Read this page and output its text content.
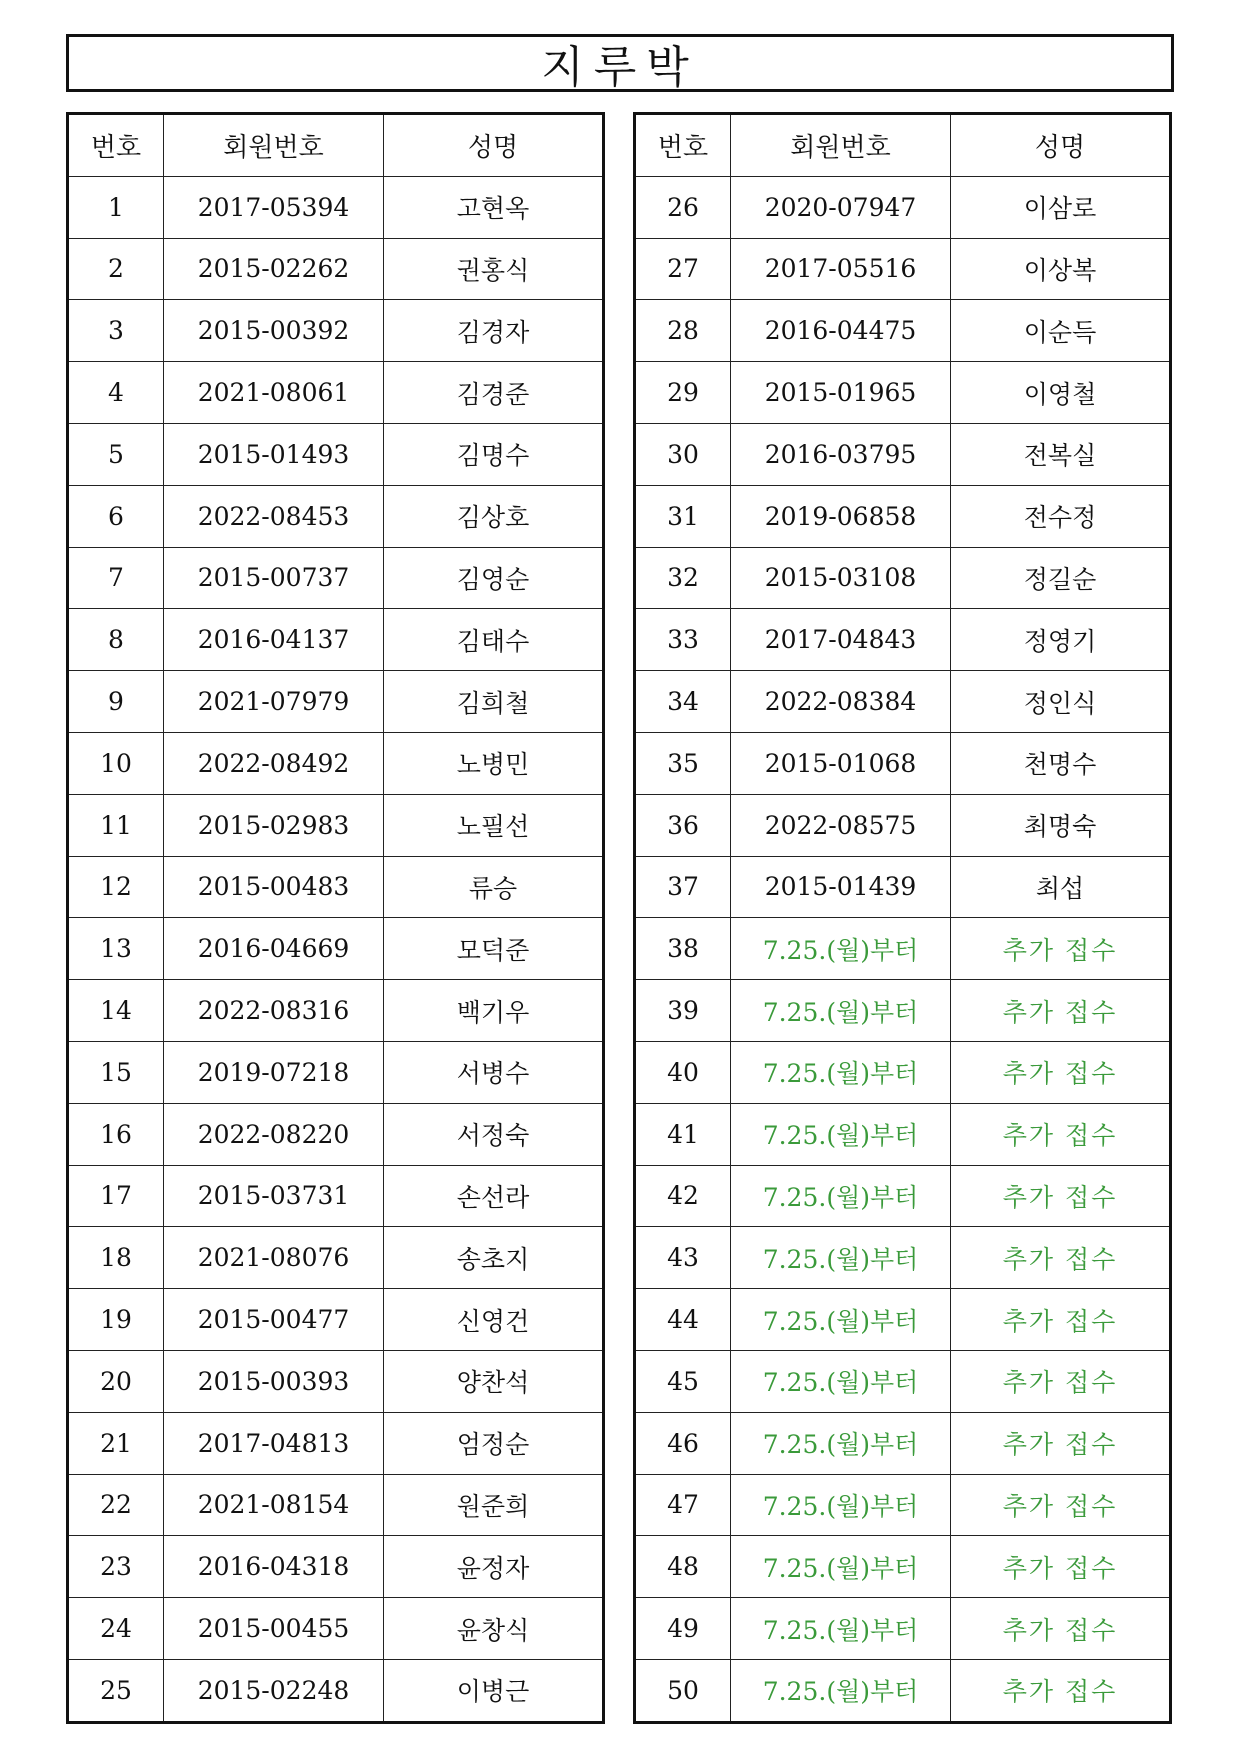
지루박
번호	회원번호	성명
1	2017-05394	고현옥
2	2015-02262	권홍식
3	2015-00392	김경자
4	2021-08061	김경준
5	2015-01493	김명수
6	2022-08453	김상호
7	2015-00737	김영순
8	2016-04137	김태수
9	2021-07979	김희철
10	2022-08492	노병민
11	2015-02983	노필선
12	2015-00483	류승
13	2016-04669	모덕준
14	2022-08316	백기우
15	2019-07218	서병수
16	2022-08220	서정숙
17	2015-03731	손선라
18	2021-08076	송초지
19	2015-00477	신영건
20	2015-00393	양찬석
21	2017-04813	엄정순
22	2021-08154	원준희
23	2016-04318	윤정자
24	2015-00455	윤창식
25	2015-02248	이병근
번호	회원번호	성명
26	2020-07947	이삼로
27	2017-05516	이상복
28	2016-04475	이순득
29	2015-01965	이영철
30	2016-03795	전복실
31	2019-06858	전수정
32	2015-03108	정길순
33	2017-04843	정영기
34	2022-08384	정인식
35	2015-01068	천명수
36	2022-08575	최명숙
37	2015-01439	최섭
38	7.25.(월)부터	추가 접수
39	7.25.(월)부터	추가 접수
40	7.25.(월)부터	추가 접수
41	7.25.(월)부터	추가 접수
42	7.25.(월)부터	추가 접수
43	7.25.(월)부터	추가 접수
44	7.25.(월)부터	추가 접수
45	7.25.(월)부터	추가 접수
46	7.25.(월)부터	추가 접수
47	7.25.(월)부터	추가 접수
48	7.25.(월)부터	추가 접수
49	7.25.(월)부터	추가 접수
50	7.25.(월)부터	추가 접수
